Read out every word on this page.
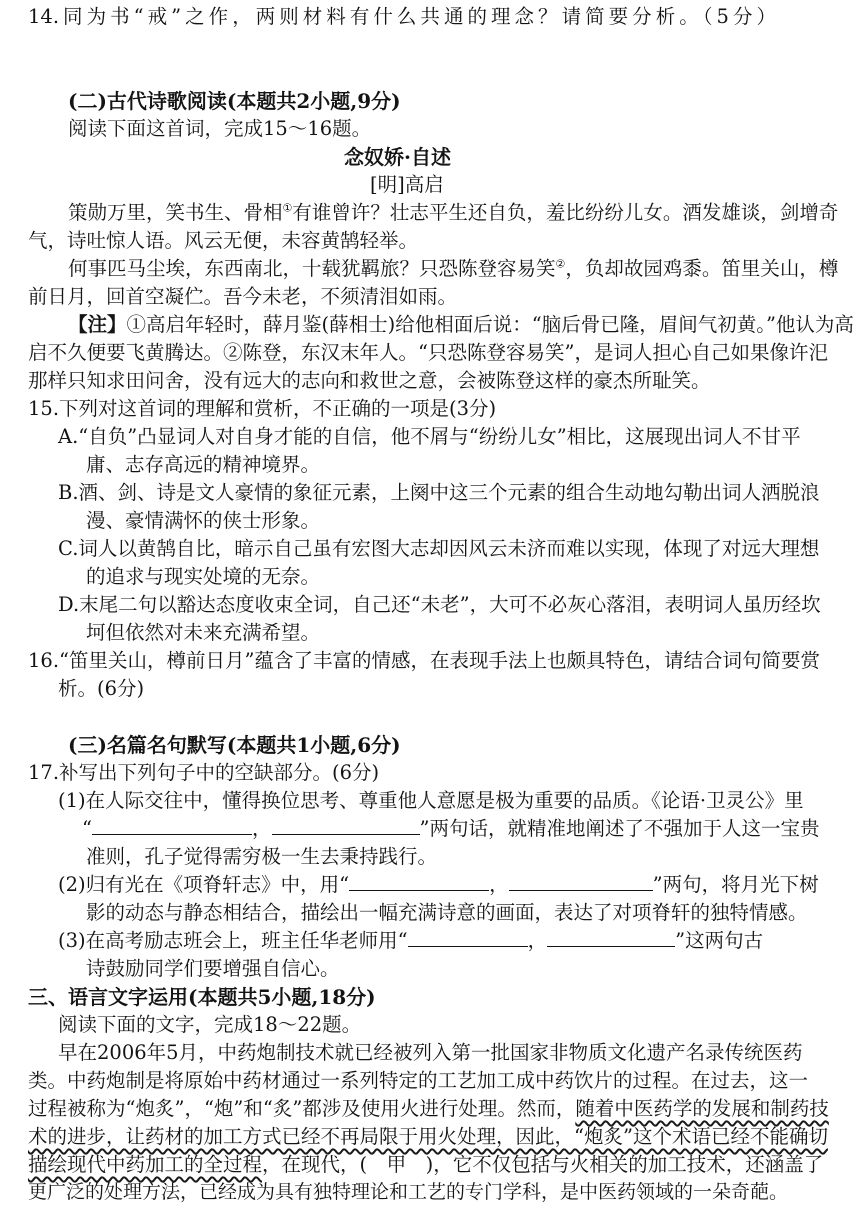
14.同为书“戒”之作，两则材料有什么共通的理念？请简要分析。（5分）
(二)古代诗歌阅读(本题共2小题,9分)
阅读下面这首词，完成15～16题。
念奴娇·自述
[明]高启
策勋万里，笑书生、骨相①有谁曾许？壮志平生还自负，羞比纷纷儿女。酒发雄谈，剑增奇
气，诗吐惊人语。风云无便，未容黄鹄轻举。
何事匹马尘埃，东西南北，十载犹羁旅？只恐陈登容易笑②，负却故园鸡黍。笛里关山，樽
前日月，回首空凝伫。吾今未老，不须清泪如雨。
【注】①高启年轻时，薛月鉴(薛相士)给他相面后说：“脑后骨已隆，眉间气初黄。”他认为高
启不久便要飞黄腾达。②陈登，东汉末年人。“只恐陈登容易笑”，是词人担心自己如果像许汜
那样只知求田问舍，没有远大的志向和救世之意，会被陈登这样的豪杰所耻笑。
15.下列对这首词的理解和赏析，不正确的一项是(3分)
A.“自负”凸显词人对自身才能的自信，他不屑与“纷纷儿女”相比，这展现出词人不甘平
庸、志存高远的精神境界。
B.酒、剑、诗是文人豪情的象征元素，上阕中这三个元素的组合生动地勾勒出词人洒脱浪
漫、豪情满怀的侠士形象。
C.词人以黄鹄自比，暗示自己虽有宏图大志却因风云未济而难以实现，体现了对远大理想
的追求与现实处境的无奈。
D.末尾二句以豁达态度收束全词，自己还“未老”，大可不必灰心落泪，表明词人虽历经坎
坷但依然对未来充满希望。
16.“笛里关山，樽前日月”蕴含了丰富的情感，在表现手法上也颇具特色，请结合词句简要赏
析。(6分)
(三)名篇名句默写(本题共1小题,6分)
17.补写出下列句子中的空缺部分。(6分)
(1)在人际交往中，懂得换位思考、尊重他人意愿是极为重要的品质。《论语·卫灵公》里
“	，	”两句话，就精准地阐述了不强加于人这一宝贵
准则，孔子觉得需穷极一生去秉持践行。
(2)归有光在《项脊轩志》中，用“	，	”两句，将月光下树
影的动态与静态相结合，描绘出一幅充满诗意的画面，表达了对项脊轩的独特情感。
(3)在高考励志班会上，班主任华老师用“	，	”这两句古
诗鼓励同学们要增强自信心。
三、语言文字运用(本题共5小题,18分)
阅读下面的文字，完成18～22题。
早在2006年5月，中药炮制技术就已经被列入第一批国家非物质文化遗产名录传统医药
类。中药炮制是将原始中药材通过一系列特定的工艺加工成中药饮片的过程。在过去，这一
过程被称为“炮炙”，“炮”和“炙”都涉及使用火进行处理。然而，随着中医药学的发展和制药技
术的进步，让药材的加工方式已经不再局限于用火处理，因此，“炮炙”这个术语已经不能确切
描绘现代中药加工的全过程，在现代，(　甲　)，它不仅包括与火相关的加工技术，还涵盖了
更广泛的处理方法，已经成为具有独特理论和工艺的专门学科，是中医药领域的一朵奇葩。
